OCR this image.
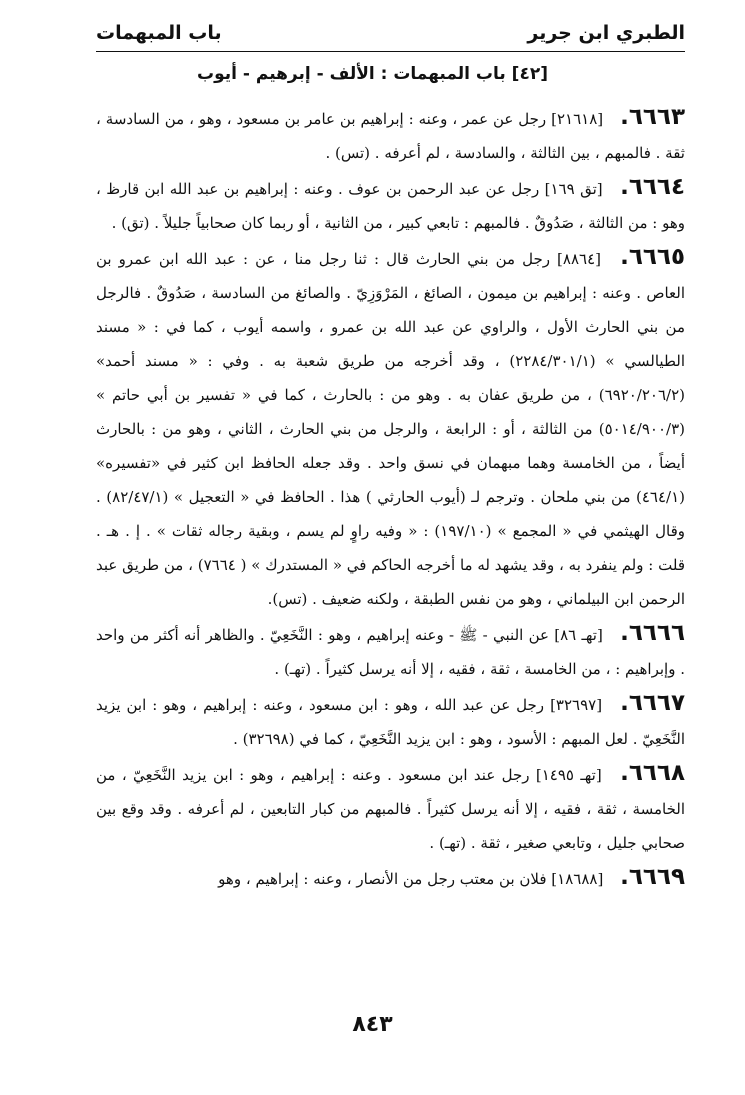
الطبري ابن جرير
باب المبهمات
[٤٢] باب المبهمات : الألف - إبرهيم - أيوب

٦٦٦٣. [٢١٦١٨] رجل عن عمر ، وعنه : إبراهيم بن عامر بن مسعود ، وهو ، من السادسة ، ثقة . فالمبهم ، بين الثالثة ، والسادسة ، لم أعرفه . (تس) .

٦٦٦٤. [تق ١٦٩] رجل عن عبد الرحمن بن عوف . وعنه : إبراهيم بن عبد الله ابن قارظ ، وهو : من الثالثة ، صَدُوقٌ . فالمبهم : تابعي كبير ، من الثانية ، أو ربما كان صحابياً جليلاً . (تق) .

٦٦٦٥. [٨٨٦٤] رجل من بني الحارث قال : ثنا رجل منا ، عن : عبد الله ابن عمرو بن العاص . وعنه : إبراهيم بن ميمون ، الصائغ ، المَرْوَزِيّ . والصائغ من السادسة ، صَدُوقٌ . فالرجل من بني الحارث الأول ، والراوي عن عبد الله بن عمرو ، واسمه أيوب ، كما في : « مسند الطيالسي » (٢٢٨٤/٣٠١/١) ، وقد أخرجه من طريق شعبة به . وفي : « مسند أحمد» (٦٩٢٠/٢٠٦/٢) ، من طريق عفان به . وهو من : بالحارث ، كما في « تفسير بن أبي حاتم » (٥٠١٤/٩٠٠/٣) من الثالثة ، أو : الرابعة ، والرجل من بني الحارث ، الثاني ، وهو من : بالحارث أيضاً ، من الخامسة وهما مبهمان في نسق واحد . وقد جعله الحافظ ابن كثير في «تفسيره» (٤٦٤/١) من بني ملحان . وترجم لـ (أيوب الحارثي ) هذا . الحافظ في « التعجيل » (٨٢/٤٧/١) . وقال الهيثمي في « المجمع » (١٩٧/١٠) : « وفيه راوٍ لم يسم ، وبقية رجاله ثقات » . إ . هـ . قلت : ولم ينفرد به ، وقد يشهد له ما أخرجه الحاكم في « المستدرك » ( ٧٦٦٤) ، من طريق عبد الرحمن ابن البيلماني ، وهو من نفس الطبقة ، ولكنه ضعيف . (تس).

٦٦٦٦. [تهـ ٨٦] عن النبي - ﷺ - وعنه إبراهيم ، وهو : النَّخَعِيّ . والظاهر أنه أكثر من واحد . وإبراهيم : ، من الخامسة ، ثقة ، فقيه ، إلا أنه يرسل كثيراً . (تهـ) .

٦٦٦٧. [٣٢٦٩٧] رجل عن عبد الله ، وهو : ابن مسعود ، وعنه : إبراهيم ، وهو : ابن يزيد النَّخَعِيّ . لعل المبهم : الأسود ، وهو : ابن يزيد النَّخَعِيّ ، كما في (٣٢٦٩٨) .

٦٦٦٨. [تهـ ١٤٩٥] رجل عند ابن مسعود . وعنه : إبراهيم ، وهو : ابن يزيد النَّخَعِيّ ، من الخامسة ، ثقة ، فقيه ، إلا أنه يرسل كثيراً . فالمبهم من كبار التابعين ، لم أعرفه . وقد وقع بين صحابي جليل ، وتابعي صغير ، ثقة . (تهـ) .

٦٦٦٩. [١٨٦٨٨] فلان بن معتب رجل من الأنصار ، وعنه : إبراهيم ، وهو

٨٤٣
